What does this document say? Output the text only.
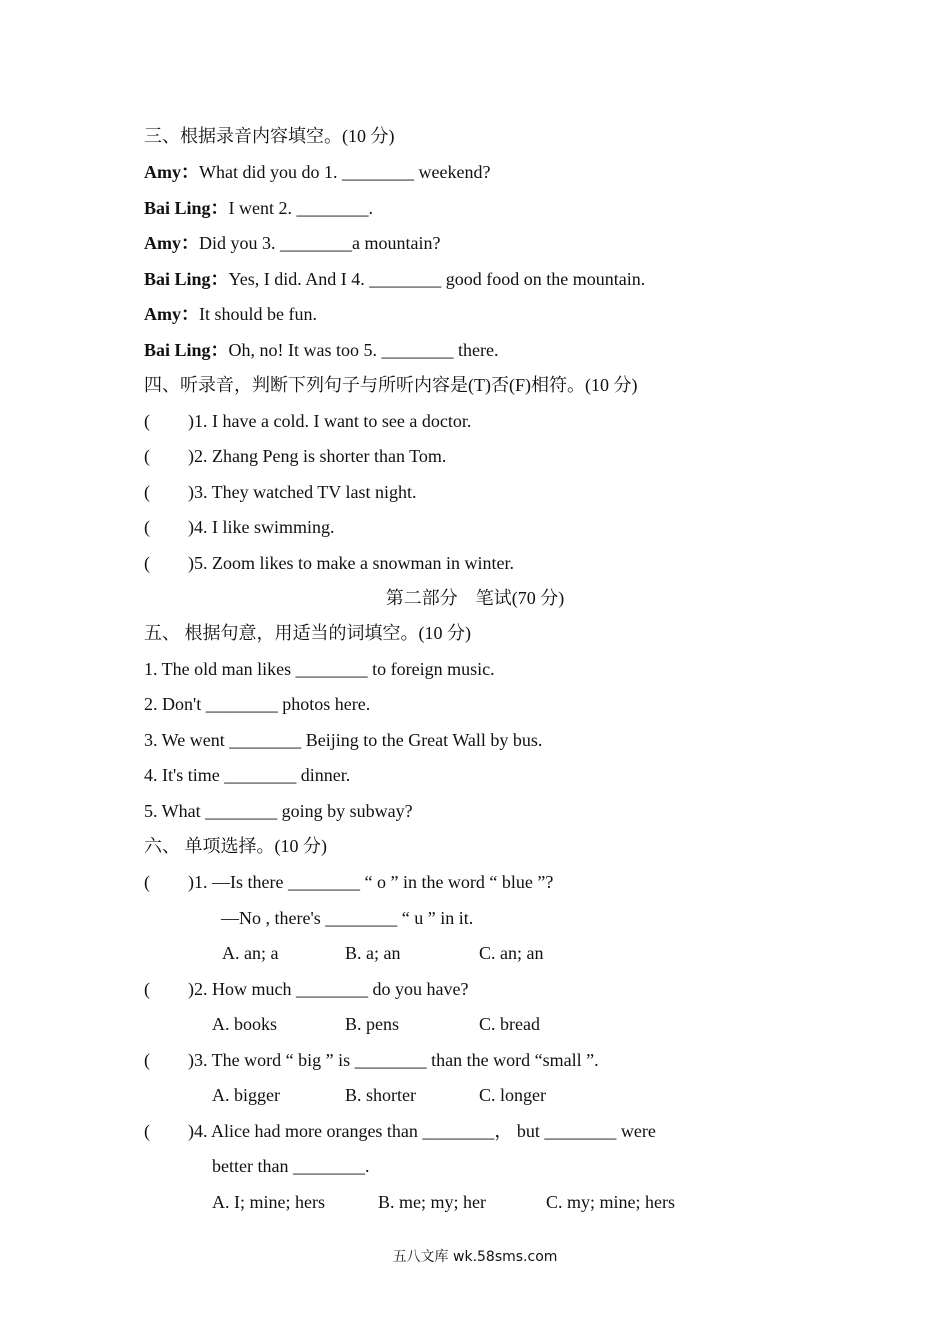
三、根据录音内容填空。(10 分)
Amy：What did you do 1. ________ weekend?
Bai Ling：I went 2. ________.
Amy：Did you 3. ________a mountain?
Bai Ling：Yes, I did. And I 4. ________ good food on the mountain.
Amy：It should be fun.
Bai Ling：Oh, no! It was too 5. ________ there.
四、听录音，判断下列句子与所听内容是(T)否(F)相符。(10 分)
( )1. I have a cold. I want to see a doctor.
( )2. Zhang Peng is shorter than Tom.
( )3. They watched TV last night.
( )4. I like swimming.
( )5. Zoom likes to make a snowman in winter.
第二部分　笔试(70 分)
五、 根据句意，用适当的词填空。(10 分)
1. The old man likes ________ to foreign music.
2. Don't ________ photos here.
3. We went ________ Beijing to the Great Wall by bus.
4. It's time ________ dinner.
5. What ________ going by subway?
六、 单项选择。(10 分)
( )1. —Is there ________ “ o ” in the word “ blue ”?
—No , there's ________ “ u ” in it.
A. an; a	B. a; an	C. an; an
( )2. How much ________ do you have?
A. books	B. pens	C. bread
( )3. The word “ big ” is ________ than the word “small ”.
A. bigger	B. shorter	C. longer
( )4. Alice had more oranges than ________， but ________ were
better than ________.
A. I; mine; hers	B. me; my; her	C. my; mine; hers
五八文库 wk.58sms.com
